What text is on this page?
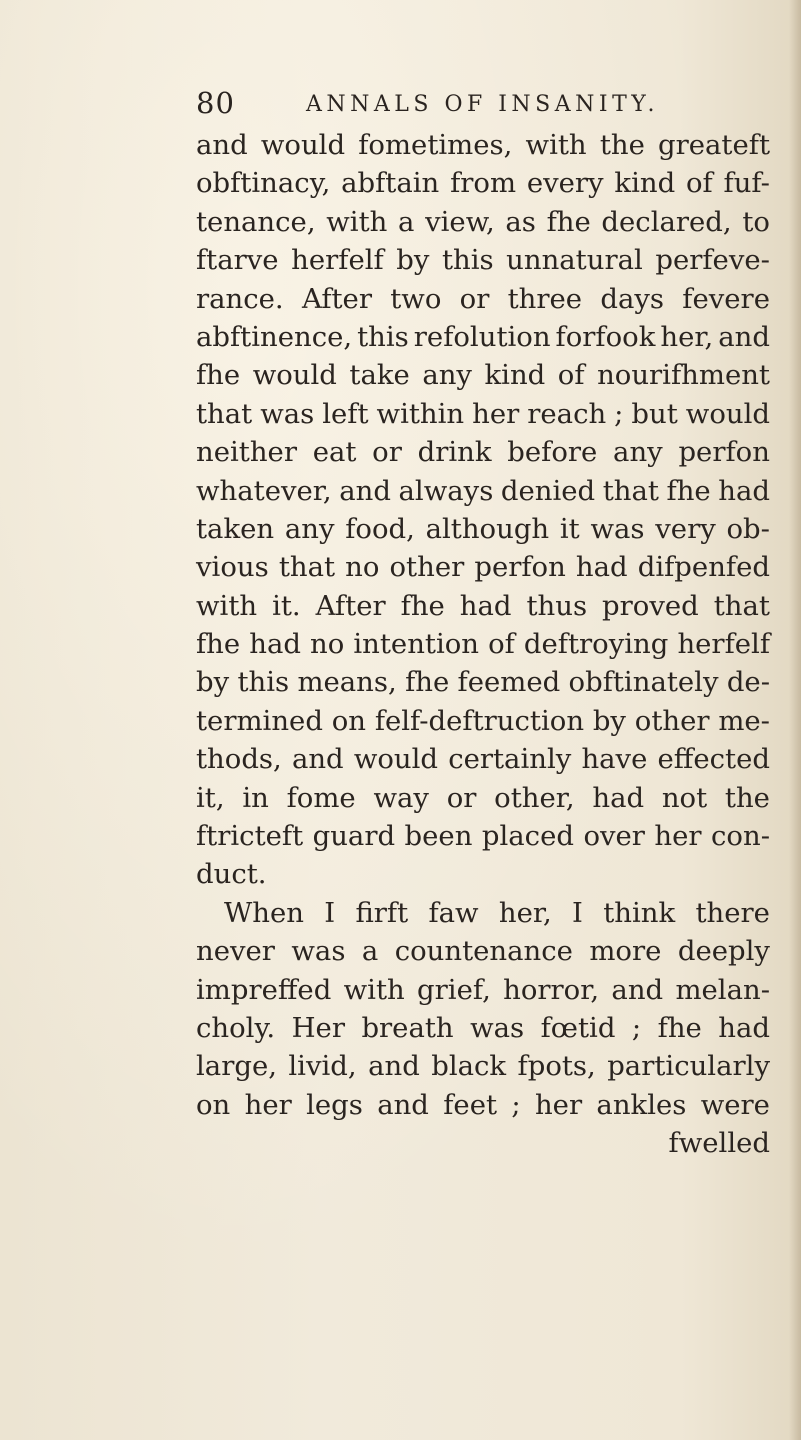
80	ANNALS OF INSANITY.
and would fometimes, with the greateft
obftinacy, abftain from every kind of fuf-
tenance, with a view, as fhe declared, to
ftarve herfelf by this unnatural perfeve-
rance. After two or three days fevere
abftinence, this refolution forfook her, and
fhe would take any kind of nourifhment
that was left within her reach ; but would
neither eat or drink before any perfon
whatever, and always denied that fhe had
taken any food, although it was very ob-
vious that no other perfon had difpenfed
with it. After fhe had thus proved that
fhe had no intention of deftroying herfelf
by this means, fhe feemed obftinately de-
termined on felf-deftruction by other me-
thods, and would certainly have effected
it, in fome way or other, had not the
ftricteft guard been placed over her con-
duct.
When I firft faw her, I think there
never was a countenance more deeply
impreffed with grief, horror, and melan-
choly. Her breath was fœtid ; fhe had
large, livid, and black fpots, particularly
on her legs and feet ; her ankles were
fwelled
